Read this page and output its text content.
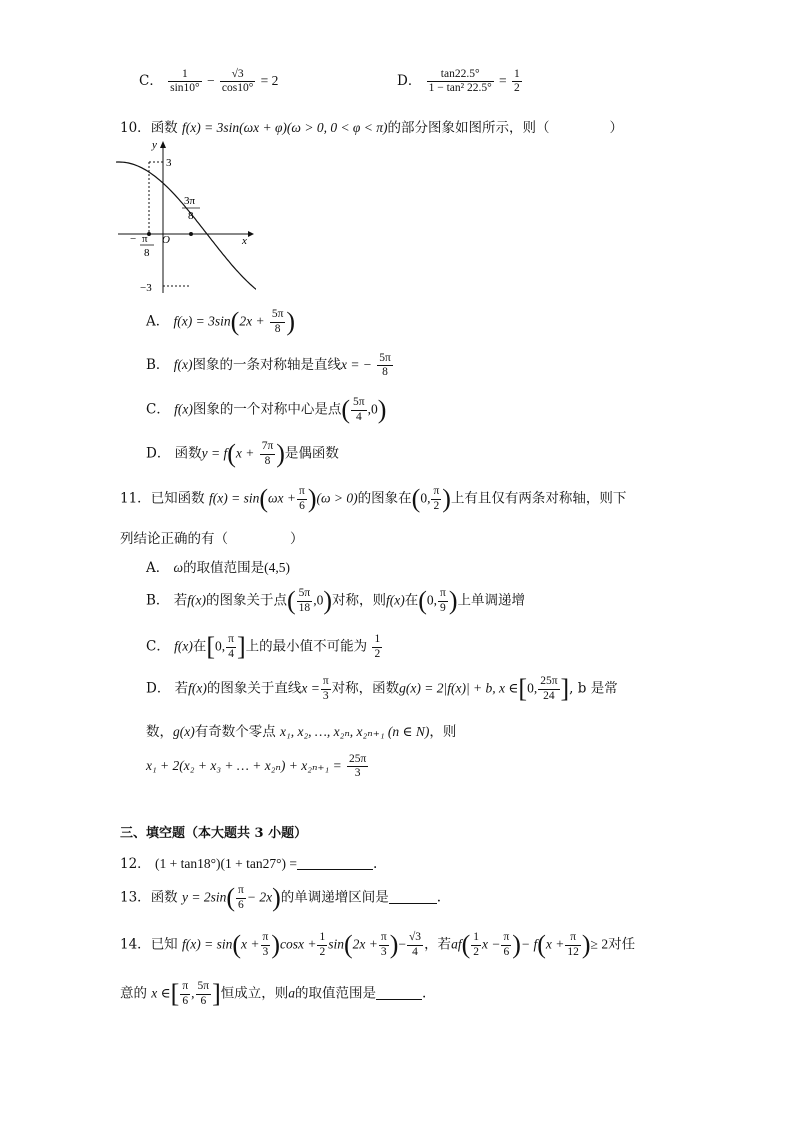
C． $\frac{1}{\sin 10^\circ} - \frac{√3}{\cos 10^\circ} = 2$	D． $\frac{\tan 22.5^\circ}{\text{1 − tan² 22.5°}} = \frac{1}{2}$
10．函数 f(x) = 3sin(ωx + φ)(ω > 0, 0 < φ < π)的部分图象如图所示，则（	）
y
x
3
−3
O
− π
8
3π
8
A． $f(x) = 3\sin(2x + \frac{5\pi}{8}$ )
B． f(x)图象的一条对称轴是直线x = − $\frac{5\pi}{8}$
C． f(x)图象的一个对称中心是点( $\frac{5\pi}{4} ,0$)
D． 函数$y = f(x + \frac{7\pi}{8}$ )是偶函数
11．已知函数 $f(x) = \sin(\omega x + \frac{\pi}{6} )(\omega > 0)$的图象在(0, $\frac{\pi}{2}$ )上有且仅有两条对称轴，则下
列结论正确的有（	）
A． ω的取值范围是(4,5)
B． 若f(x)的图象关于点( $\frac{5\pi}{18} ,0$)对称，则f(x)在(0, $\frac{\pi}{9}$ )上单调递增
C． f(x)在[0, $\frac{\pi}{4}$ ]上的最小值不可能为 $\frac{1}{2}$
D． 若f(x)的图象关于直线$x = \frac{\pi}{3}$ 对称，函数g(x) = 2|f(x)| + b, x ∈[0, $\frac{25\pi}{24}$ ], b 是常
数，g(x)有奇数个零点 x₁, x₂, …, x₂ₙ, x₂ₙ₊₁ (n ∈ N)，则
x₁ + 2(x₂ + x₃ + … + $x_{2n}) + x_{2n+1} = \frac{25\pi}{3}$
三、填空题（本大题共 3 小题）
12． (1 + tan18°)(1 + tan27°) =	.
13．函数 $y = 2\sin( \frac{\pi}{6} - 2x)$的单调递增区间是	.
14．已知 $f(x) = \sin(x + \frac{\pi}{3} )\cos x + \frac{1}{2} \sin(2x + \frac{\pi}{3}$ )− $\frac{√3}{4}$ ，若$af( \frac{1}{2}$ $x - \frac{\pi}{6}$ )− $f(x + \frac{\pi}{12}$ )≥ 2对任
意的 x ∈[ $\frac{\pi}{6}$ , $\frac{5\pi}{6}$ ]恒成立，则a的取值范围是	.
